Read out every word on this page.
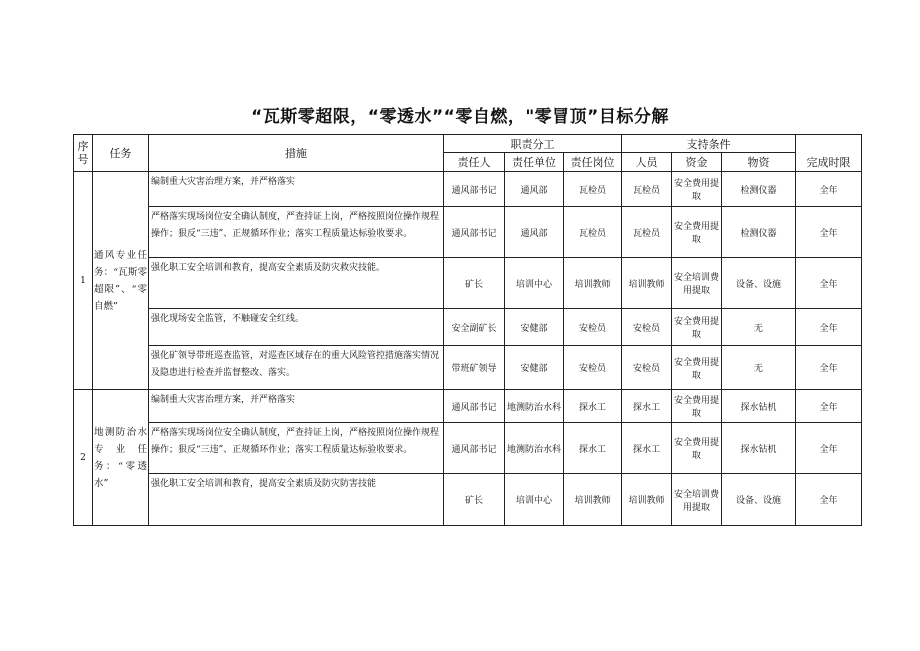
“瓦斯零超限，“零透水”“零自燃，"零冒顶”目标分解
序号	任务	措施	职责分工			支持条件			完成时限
			责任人	责任单位	责任岗位	人员	资金	物资	
1	通风专业任务：“瓦斯零超限”、“零自燃”	编制重大灾害治理方案，并严格落实	通风部书记	通风部	瓦检员	瓦检员	安全费用提取	检测仪器	全年

		严格落实现场岗位安全确认制度，严查持证上岗，严格按照岗位操作规程操作；狠反“三违”、正规循环作业；落实工程质量达标验收要求。	通风部书记	通风部	瓦检员	瓦检员	安全费用提取	检测仪器	全年

		强化职工安全培训和教育，提高安全素质及防灾救灾技能。	矿长	培训中心	培训教师	培训教师	安全培训费用提取	设备、设施	全年

		强化现场安全监管，不触碰安全红线。	安全副矿长	安健部	安检员	安检员	安全费用提取	无	全年

		强化矿领导带班巡查监管，对巡查区域存在的重大风险管控措施落实情况及隐患进行检查并监督整改、落实。	带班矿领导	安健部	安检员	安检员	安全费用提取	无	全年
2	地测防治水专业任务：“零透水”	编制重大灾害治理方案，并严格落实	通风部书记	地测防治水科	探水工	探水工	安全费用提取	探水钻机	全年

		严格落实现场岗位安全确认制度，严查持证上岗，严格按照岗位操作规程操作；狠反“三违”、正规循环作业；落实工程质量达标验收要求。	通风部书记	地测防治水科	探水工	探水工	安全费用提取	探水钻机	全年

		强化职工安全培训和教育，提高安全素质及防灾防害技能	矿长	培训中心	培训教师	培训教师	安全培训费用提取	设备、设施	全年
